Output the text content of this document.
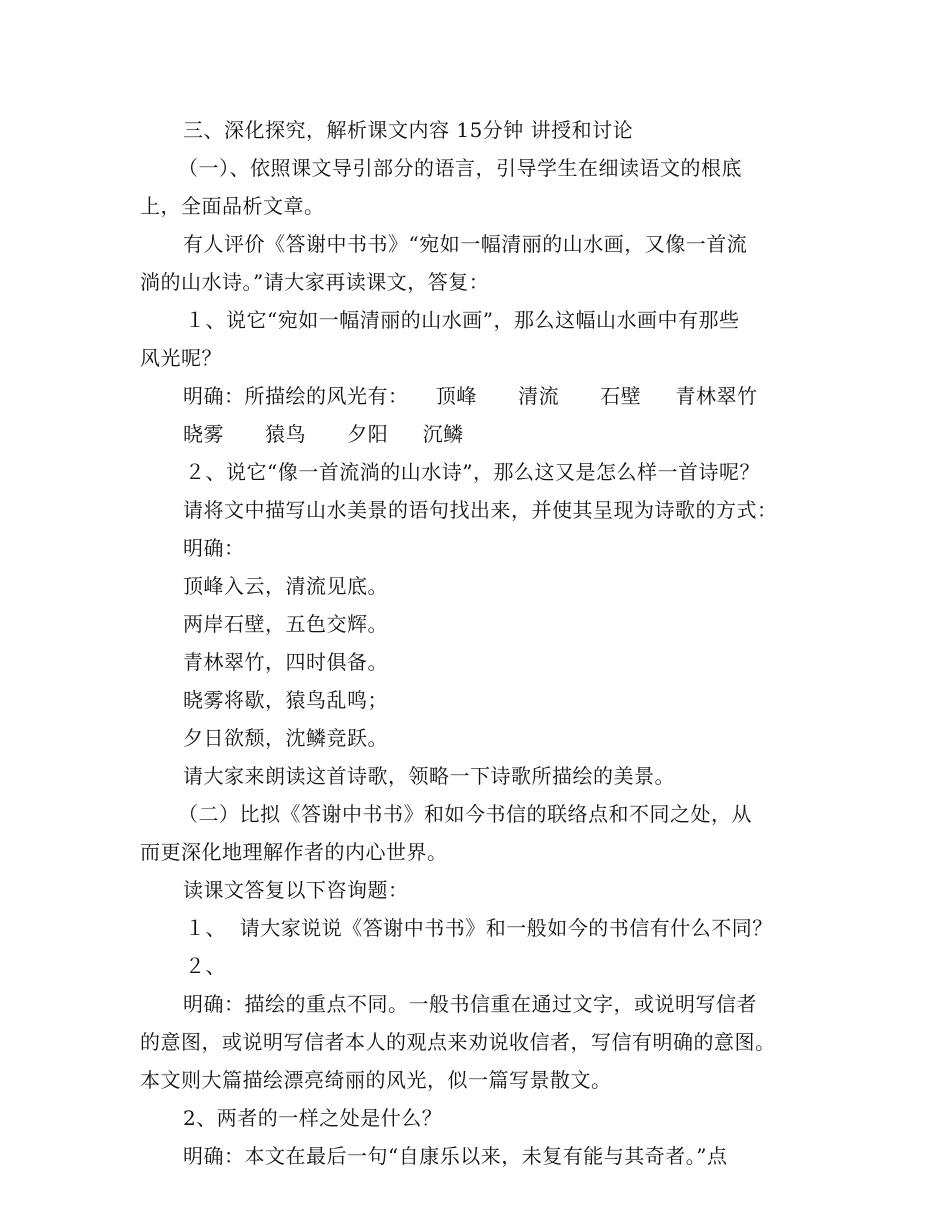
三、深化探究，解析课文内容 15分钟 讲授和讨论
（一）、依照课文导引部分的语言，引导学生在细读语文的根底
上，全面品析文章。
有人评价《答谢中书书》“宛如一幅清丽的山水画，又像一首流
淌的山水诗。”请大家再读课文，答复：
１、说它“宛如一幅清丽的山水画”，那么这幅山水画中有那些
风光呢？
明确：所描绘的风光有：    顶峰      清流      石壁     青林翠竹
晓雾      猿鸟      夕阳     沉鳞
２、说它“像一首流淌的山水诗”，那么这又是怎么样一首诗呢？
请将文中描写山水美景的语句找出来，并使其呈现为诗歌的方式：
明确：
顶峰入云，清流见底。
两岸石壁，五色交辉。
青林翠竹，四时俱备。
晓雾将歇，猿鸟乱鸣；
夕日欲颓，沈鳞竞跃。
请大家来朗读这首诗歌，领略一下诗歌所描绘的美景。
（二）比拟《答谢中书书》和如今书信的联络点和不同之处，从
而更深化地理解作者的内心世界。
读课文答复以下咨询题：
１、  请大家说说《答谢中书书》和一般如今的书信有什么不同？
２、
明确：描绘的重点不同。一般书信重在通过文字，或说明写信者
的意图，或说明写信者本人的观点来劝说收信者，写信有明确的意图。
本文则大篇描绘漂亮绮丽的风光，似一篇写景散文。
2、两者的一样之处是什么？
明确：本文在最后一句“自康乐以来，未复有能与其奇者。”点
